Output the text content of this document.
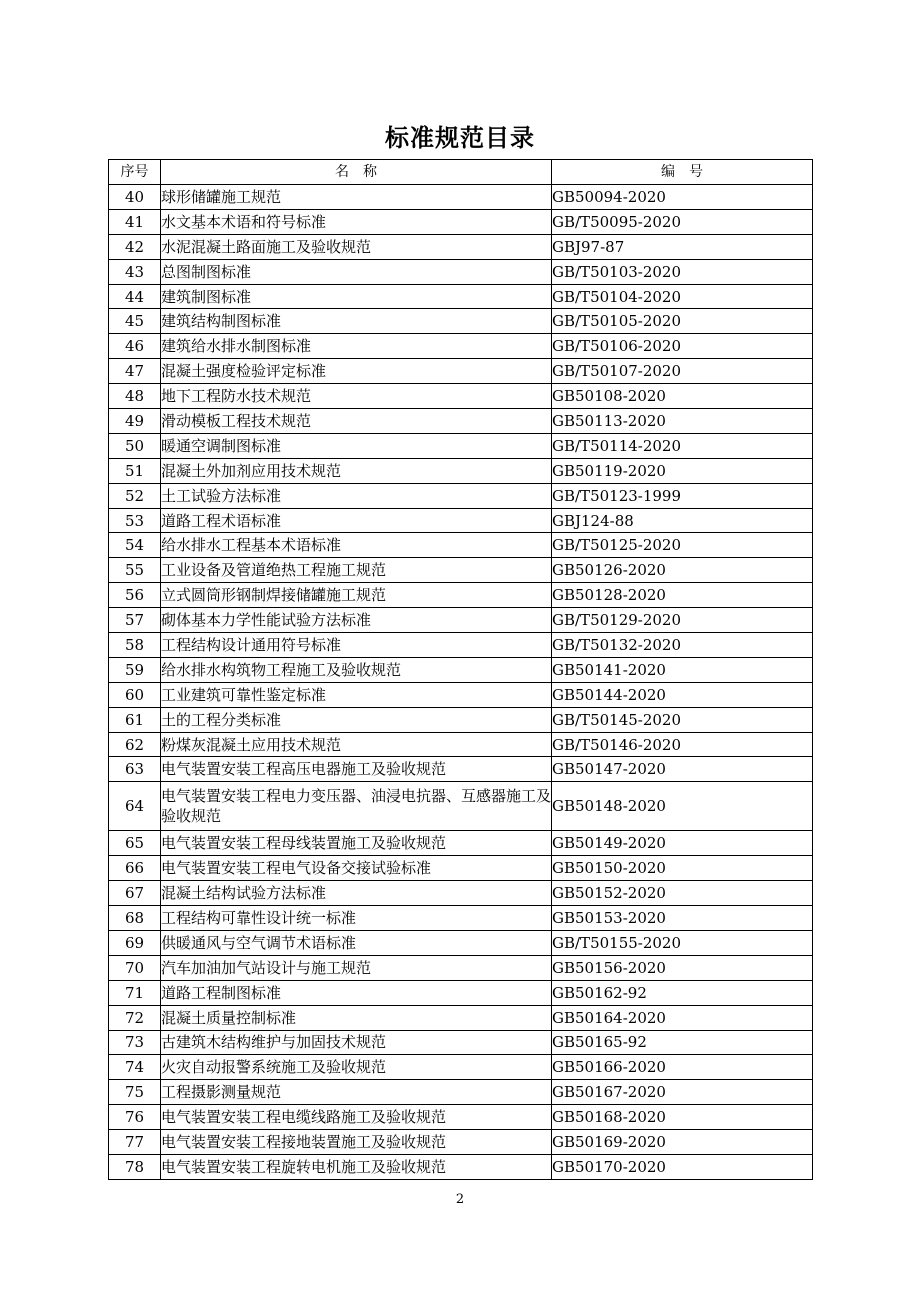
标准规范目录
序号	名　称	编　号
40	球形储罐施工规范	GB50094-2020
41	水文基本术语和符号标准	GB/T50095-2020
42	水泥混凝土路面施工及验收规范	GBJ97-87
43	总图制图标准	GB/T50103-2020
44	建筑制图标准	GB/T50104-2020
45	建筑结构制图标准	GB/T50105-2020
46	建筑给水排水制图标准	GB/T50106-2020
47	混凝土强度检验评定标准	GB/T50107-2020
48	地下工程防水技术规范	GB50108-2020
49	滑动模板工程技术规范	GB50113-2020
50	暖通空调制图标准	GB/T50114-2020
51	混凝土外加剂应用技术规范	GB50119-2020
52	土工试验方法标准	GB/T50123-1999
53	道路工程术语标准	GBJ124-88
54	给水排水工程基本术语标准	GB/T50125-2020
55	工业设备及管道绝热工程施工规范	GB50126-2020
56	立式圆筒形钢制焊接储罐施工规范	GB50128-2020
57	砌体基本力学性能试验方法标准	GB/T50129-2020
58	工程结构设计通用符号标准	GB/T50132-2020
59	给水排水构筑物工程施工及验收规范	GB50141-2020
60	工业建筑可靠性鉴定标准	GB50144-2020
61	土的工程分类标准	GB/T50145-2020
62	粉煤灰混凝土应用技术规范	GB/T50146-2020
63	电气装置安装工程高压电器施工及验收规范	GB50147-2020
64	电气装置安装工程电力变压器、油浸电抗器、互感器施工及验收规范	GB50148-2020
65	电气装置安装工程母线装置施工及验收规范	GB50149-2020
66	电气装置安装工程电气设备交接试验标准	GB50150-2020
67	混凝土结构试验方法标准	GB50152-2020
68	工程结构可靠性设计统一标准	GB50153-2020
69	供暖通风与空气调节术语标准	GB/T50155-2020
70	汽车加油加气站设计与施工规范	GB50156-2020
71	道路工程制图标准	GB50162-92
72	混凝土质量控制标准	GB50164-2020
73	古建筑木结构维护与加固技术规范	GB50165-92
74	火灾自动报警系统施工及验收规范	GB50166-2020
75	工程摄影测量规范	GB50167-2020
76	电气装置安装工程电缆线路施工及验收规范	GB50168-2020
77	电气装置安装工程接地装置施工及验收规范	GB50169-2020
78	电气装置安装工程旋转电机施工及验收规范	GB50170-2020
2
